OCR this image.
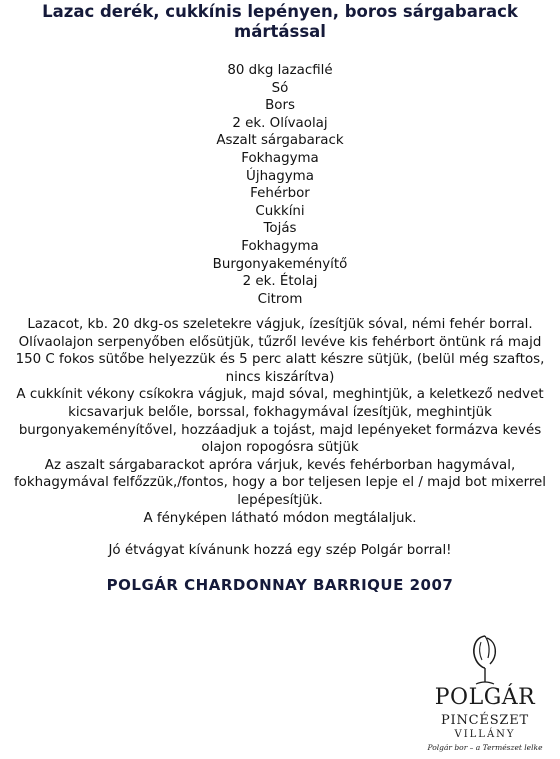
Lazac derék, cukkínis lepényen, boros sárgabarack mártással
80 dkg lazacfilé
Só
Bors
2 ek. Olívaolaj
Aszalt sárgabarack
Fokhagyma
Újhagyma
Fehérbor
Cukkíni
Tojás
Fokhagyma
Burgonyakeményítő
2 ek. Étolaj
Citrom

Lazacot, kb. 20 dkg-os szeletekre vágjuk, ízesítjük sóval, némi fehér borral. Olívaolajon serpenyőben elősütjük, tűzről levéve kis fehérbort öntünk rá majd 150 C fokos sütőbe helyezzük és 5 perc alatt készre sütjük, (belül még szaftos, nincs kiszárítva)

A cukkínit vékony csíkokra vágjuk, majd sóval, meghintjük, a keletkező nedvet kicsavarjuk belőle, borssal, fokhagymával ízesítjük, meghintjük burgonyakeményítővel, hozzáadjuk a tojást, majd lepényeket formázva kevés olajon ropogósra sütjük

Az aszalt sárgabarackot apróra várjuk, kevés fehérborban hagymával, fokhagymával felfőzzük,/fontos, hogy a bor teljesen lepje el / majd bot mixerrel lepépesítjük.

A fényképen látható módon megtálaljuk.

Jó étvágyat kívánunk hozzá egy szép Polgár borral!
POLGÁR CHARDONNAY BARRIQUE 2007
POLGÁR
PINCÉSZET
VILLÁNY
Polgár bor – a Természet lelke
